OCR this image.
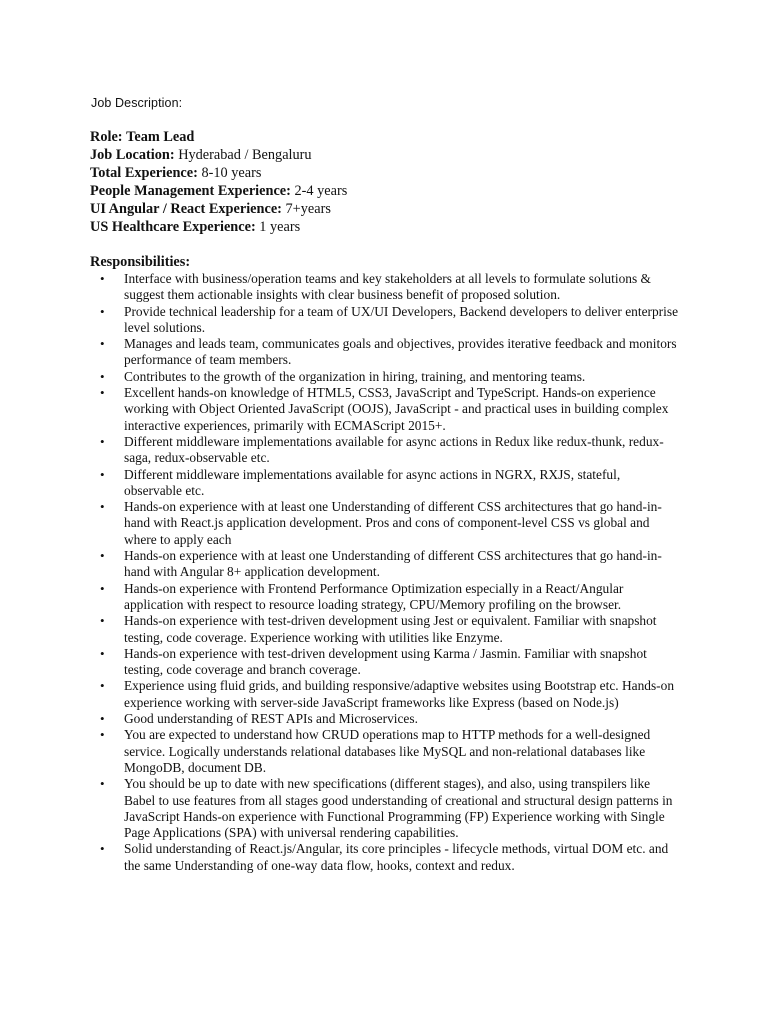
Job Description:
Role: Team Lead
Job Location: Hyderabad / Bengaluru
Total Experience: 8-10 years
People Management Experience: 2-4 years
UI Angular / React Experience: 7+years
US Healthcare Experience: 1 years
Responsibilities:
• Interface with business/operation teams and key stakeholders at all levels to formulate solutions & suggest them actionable insights with clear business benefit of proposed solution.
• Provide technical leadership for a team of UX/UI Developers, Backend developers to deliver enterprise level solutions.
• Manages and leads team, communicates goals and objectives, provides iterative feedback and monitors performance of team members.
• Contributes to the growth of the organization in hiring, training, and mentoring teams.
• Excellent hands-on knowledge of HTML5, CSS3, JavaScript and TypeScript. Hands-on experience working with Object Oriented JavaScript (OOJS), JavaScript - and practical uses in building complex interactive experiences, primarily with ECMAScript 2015+.
• Different middleware implementations available for async actions in Redux like redux-thunk, redux-saga, redux-observable etc.
• Different middleware implementations available for async actions in NGRX, RXJS, stateful, observable etc.
• Hands-on experience with at least one Understanding of different CSS architectures that go hand-in-hand with React.js application development. Pros and cons of component-level CSS vs global and where to apply each
• Hands-on experience with at least one Understanding of different CSS architectures that go hand-in-hand with Angular 8+ application development.
• Hands-on experience with Frontend Performance Optimization especially in a React/Angular application with respect to resource loading strategy, CPU/Memory profiling on the browser.
• Hands-on experience with test-driven development using Jest or equivalent. Familiar with snapshot testing, code coverage. Experience working with utilities like Enzyme.
• Hands-on experience with test-driven development using Karma / Jasmin. Familiar with snapshot testing, code coverage and branch coverage.
• Experience using fluid grids, and building responsive/adaptive websites using Bootstrap etc. Hands-on experience working with server-side JavaScript frameworks like Express (based on Node.js)
• Good understanding of REST APIs and Microservices.
• You are expected to understand how CRUD operations map to HTTP methods for a well-designed service. Logically understands relational databases like MySQL and non-relational databases like MongoDB, document DB.
• You should be up to date with new specifications (different stages), and also, using transpilers like Babel to use features from all stages good understanding of creational and structural design patterns in JavaScript Hands-on experience with Functional Programming (FP) Experience working with Single Page Applications (SPA) with universal rendering capabilities.
• Solid understanding of React.js/Angular, its core principles - lifecycle methods, virtual DOM etc. and the same Understanding of one-way data flow, hooks, context and redux.
